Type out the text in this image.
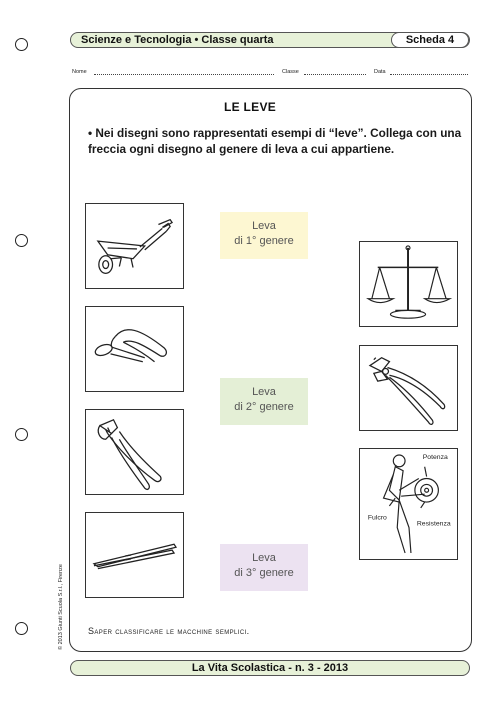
Scienze e Tecnologia • Classe quarta	Scheda 4
Nome	Classe	Data
LE LEVE
• Nei disegni sono rappresentati esempi di “leve”. Collega con una freccia ogni disegno al genere di leva a cui appartiene.
Leva
di 1° genere
Leva
di 2° genere
Leva
di 3° genere
Potenza
Fulcro
Resistenza
Saper classificare le macchine semplici.
La Vita Scolastica - n. 3 - 2013
© 2013 Giunti Scuola S.r.l., Firenze
